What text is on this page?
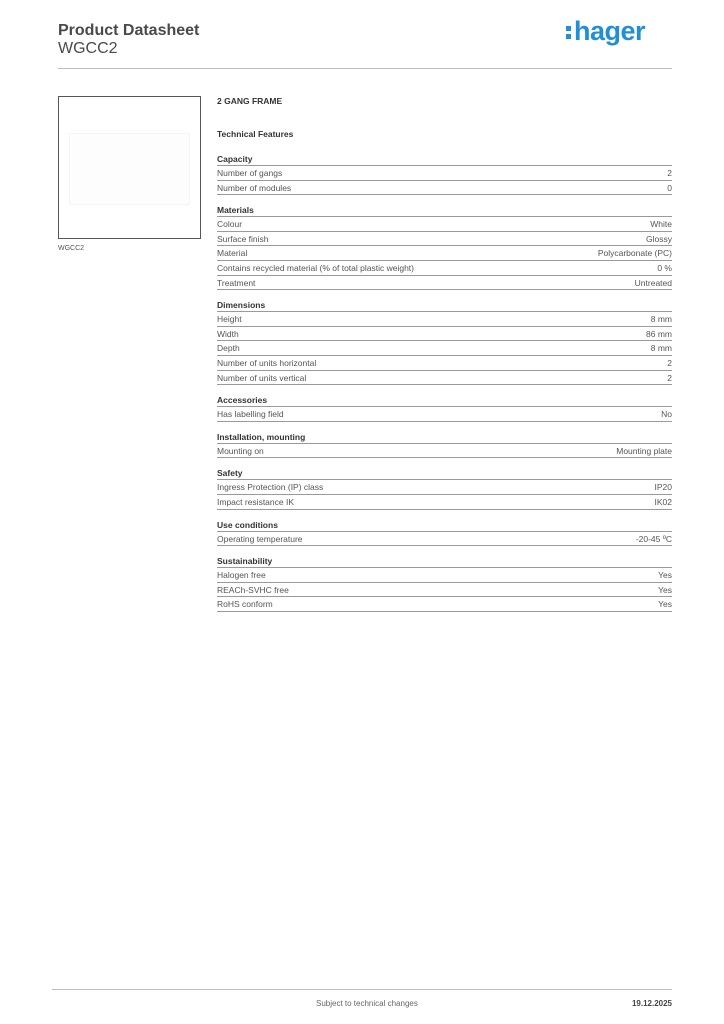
Product Datasheet
WGCC2
hager
WGCC2
2 GANG FRAME
Technical Features
Capacity
Number of gangs	2
Number of modules	0
Materials
Colour	White
Surface finish	Glossy
Material	Polycarbonate (PC)
Contains recycled material (% of total plastic weight)	0 %
Treatment	Untreated
Dimensions
Height	8 mm
Width	86 mm
Depth	8 mm
Number of units horizontal	2
Number of units vertical	2
Accessories
Has labelling field	No
Installation, mounting
Mounting on	Mounting plate
Safety
Ingress Protection (IP) class	IP20
Impact resistance IK	IK02
Use conditions
Operating temperature	-20-45 ºC
Sustainability
Halogen free	Yes
REACh-SVHC free	Yes
RoHS conform	Yes
Subject to technical changes	19.12.2025
